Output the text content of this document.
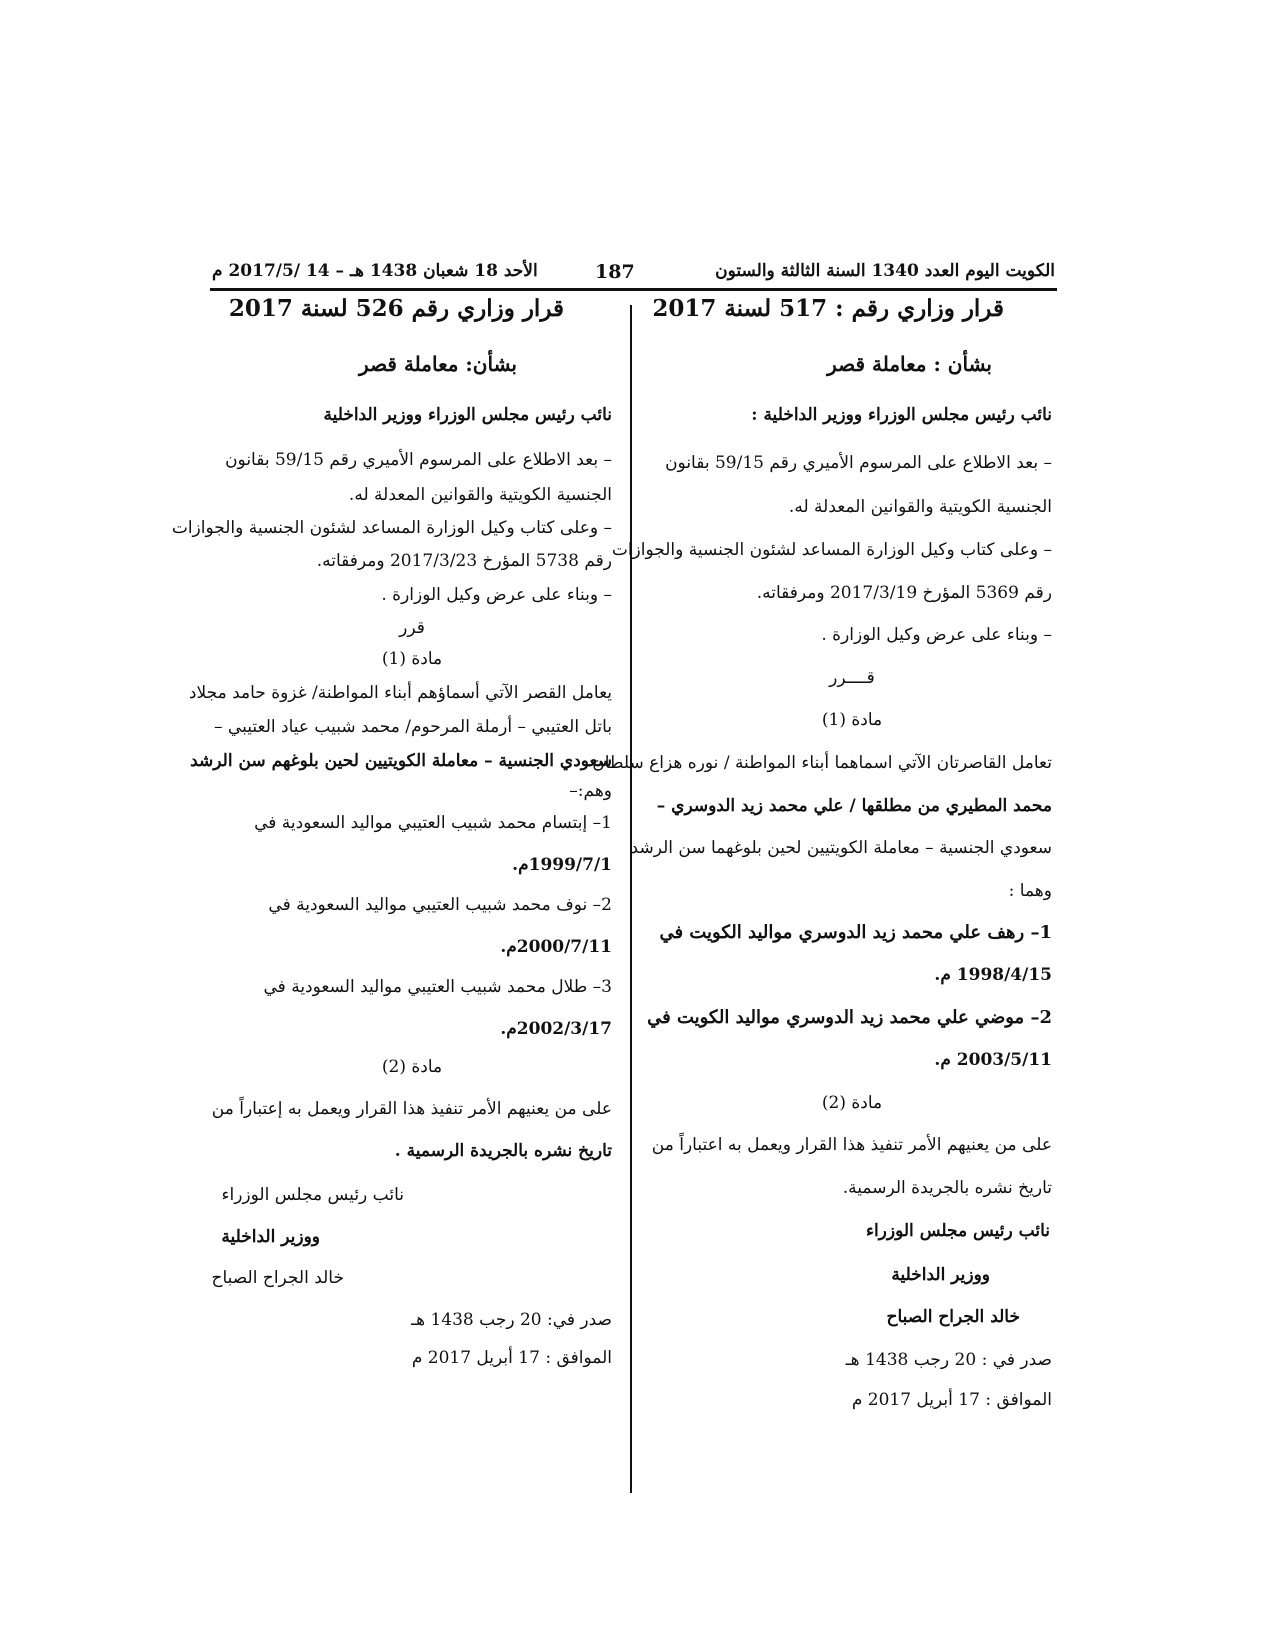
الكويت اليوم العدد 1340 السنة الثالثة والستون
187
الأحد 18 شعبان 1438 هـ – 14 /2017/5 م
قرار وزاري رقم : 517 لسنة 2017
بشأن : معاملة قصر
نائب رئيس مجلس الوزراء ووزير الداخلية :
– بعد الاطلاع على المرسوم الأميري رقم 59/15 بقانون
الجنسية الكويتية والقوانين المعدلة له.
– وعلى كتاب وكيل الوزارة المساعد لشئون الجنسية والجوازات
رقم 5369 المؤرخ 2017/3/19 ومرفقاته.
– وبناء على عرض وكيل الوزارة .
قــــرر
مادة (1)
تعامل القاصرتان الآتي اسماهما أبناء المواطنة / نوره هزاع سلطان
محمد المطيري من مطلقها / علي محمد زيد الدوسري –
سعودي الجنسية – معاملة الكويتيين لحين بلوغهما سن الرشد
وهما :
1– رهف علي محمد زيد الدوسري مواليد الكويت في
1998/4/15 م.
2– موضي علي محمد زيد الدوسري مواليد الكويت في
2003/5/11 م.
مادة (2)
على من يعنيهم الأمر تنفيذ هذا القرار ويعمل به اعتباراً من
تاريخ نشره بالجريدة الرسمية.
نائب رئيس مجلس الوزراء
ووزير الداخلية
خالد الجراح الصباح
صدر في : 20 رجب 1438 هـ
الموافق : 17 أبريل 2017 م
قرار وزاري رقم 526 لسنة 2017
بشأن: معاملة قصر
نائب رئيس مجلس الوزراء ووزير الداخلية
– بعد الاطلاع على المرسوم الأميري رقم 59/15 بقانون
الجنسية الكويتية والقوانين المعدلة له.
– وعلى كتاب وكيل الوزارة المساعد لشئون الجنسية والجوازات
رقم 5738 المؤرخ 2017/3/23 ومرفقاته.
– وبناء على عرض وكيل الوزارة .
قرر
مادة (1)
يعامل القصر الآتي أسماؤهم أبناء المواطنة/ غزوة حامد مجلاد
باتل العتيبي – أرملة المرحوم/ محمد شبيب عياد العتيبي –
سعودي الجنسية – معاملة الكويتيين لحين بلوغهم سن الرشد
وهم:–
1– إبتسام محمد شبيب العتيبي مواليد السعودية في
1999/7/1م.
2– نوف محمد شبيب العتيبي مواليد السعودية في
2000/7/11م.
3– طلال محمد شبيب العتيبي مواليد السعودية في
2002/3/17م.
مادة (2)
على من يعنيهم الأمر تنفيذ هذا القرار ويعمل به إعتباراً من
تاريخ نشره بالجريدة الرسمية .
نائب رئيس مجلس الوزراء
ووزير الداخلية
خالد الجراح الصباح
صدر في: 20 رجب 1438 هـ
الموافق : 17 أبريل 2017 م
